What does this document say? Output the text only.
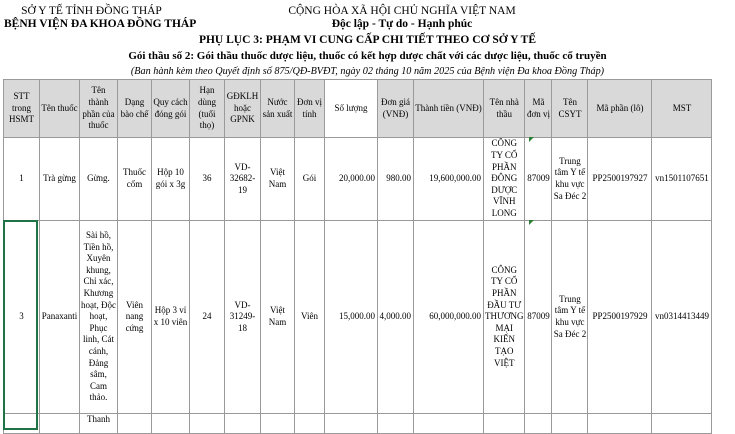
SỞ Y TẾ TỈNH ĐỒNG THÁP
BỆNH VIỆN ĐA KHOA ĐỒNG THÁP
CỘNG HÒA XÃ HỘI CHỦ NGHĨA VIỆT NAM
Độc lập - Tự do - Hạnh phúc
PHỤ LỤC 3: PHẠM VI CUNG CẤP CHI TIẾT THEO CƠ SỞ Y TẾ
Gói thầu số 2: Gói thầu thuốc dược liệu, thuốc có kết hợp dược chất với các dược liệu, thuốc cổ truyền
(Ban hành kèm theo Quyết định số 875/QĐ-BVĐT, ngày 02 tháng 10 năm 2025 của Bệnh viện Đa khoa Đồng Tháp)
STT trong HSMT	Tên thuốc	Tên thành phần của thuốc	Dạng bào chế	Quy cách đóng gói	Hạn dùng (tuổi thọ)	GĐKLH hoặc GPNK	Nước sản xuất	Đơn vị tính	Số lượng	Đơn giá (VNĐ)	Thành tiền (VNĐ)	Tên nhà thầu	Mã đơn vị	Tên CSYT	Mã phần (lô)	MST
1	Trà gừng	Gừng.	Thuốc cốm	Hộp 10 gói x 3g	36	VD-32682-19	Việt Nam	Gói	20,000.00	980.00	19,600,000.00	CÔNG TY CỔ PHẦN ĐÔNG DƯỢC VĨNH LONG	87009	Trung tâm Y tế khu vực Sa Đéc 2	PP2500197927	vn1501107651
3	Panaxanti	Sài hồ, Tiền hồ, Xuyên khung, Chỉ xác, Khương hoạt, Độc hoạt, Phục linh, Cát cánh, Đảng sâm, Cam thảo.	Viên nang cứng	Hộp 3 vỉ x 10 viên	24	VD-31249-18	Việt Nam	Viên	15,000.00	4,000.00	60,000,000.00	CÔNG TY CỔ PHẦN ĐẦU TƯ THƯƠNG MẠI KIẾN TẠO VIỆT	87009	Trung tâm Y tế khu vực Sa Đéc 2	PP2500197929	vn0314413449
		Thanh														
